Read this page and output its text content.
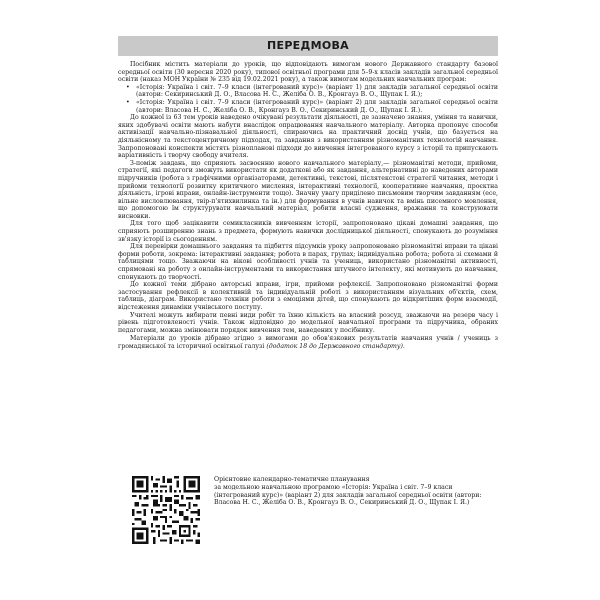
ПЕРЕДМОВА

Посібник містить матеріали до уроків, що відповідають вимогам нового Державного стандарту базової середньої освіти (30 вересня 2020 року), типової освітньої програми для 5–9-х класів закладів загальної середньої освіти (наказ МОН України № 235 від 19.02.2021 року), а також вимогам модельних навчальних програм:

• «Історія: Україна і світ. 7–9 класи (інтегрований курс)» (варіант 1) для закладів загальної середньої освіти (автори: Секиринський Д. О., Власова Н. С., Желіба О. В., Кронгауз В. О., Щупак І. Я.);
• «Історія: Україна і світ. 7–9 класи (інтегрований курс)» (варіант 2) для закладів загальної середньої освіти (автори: Власова Н. С., Желіба О. В., Кронгауз В. О., Секиринський Д. О., Щупак І. Я.).

До кожної із 63 тем уроків наведено очікувані результати діяльності, де зазначено знання, уміння та навички, яких здобувачі освіти мають набути внаслідок опрацювання навчального матеріалу. Авторка пропонує способи активізації навчально-пізнавальної діяльності, спираючись на практичний досвід учнів, що базується на діяльнісному та текстоцентричному підходах, та завдання з використанням різноманітних технологій навчання. Запропоновані конспекти містять різнопланові підходи до вивчення інтегрованого курсу з історії та припускають варіативність і творчу свободу вчителя.

З-поміж завдань, що сприяють засвоєнню нового навчального матеріалу,— різноманітні методи, прийоми, стратегії, які педагоги зможуть використати як додаткові або як завдання, альтернативні до наведених авторами підручників (робота з графічними організаторами, детективні, текстові, післятекстові стратегії читання, методи і прийоми технології розвитку критичного мислення, інтерактивні технології, кооперативне навчання, проєктна діяльність, ігрові вправи, онлайн-інструменти тощо). Значну увагу приділено письмовим творчим завданням (есе, вільне висловлювання, твір-п'ятихвилинка та ін.) для формування в учнів навичок та вмінь писемного мовлення, що допомогою їм структурувати навчальний матеріал, робити власні судження, вражання та конструювати висновки.

Для того щоб зацікавити семикласників вивченням історії, запропоновано цікаві домашні завдання, що сприяють розширенню знань з предмета, формують навички дослідницької діяльності, спонукають до розуміння зв'язку історії із сьогоденням.

Для перевірки домашнього завдання та підбиття підсумків уроку запропоновано різноманітні вправи та цікаві форми роботи, зокрема: інтерактивні завдання; робота в парах, групах; індивідуальна робота; робота зі схемами й таблицями тощо. Зважаючи на вікові особливості учнів та учениць, використано різноманітні активності, спрямовані на роботу з онлайн-інструментами та використання штучного інтелекту, які мотивують до навчання, спонукають до творчості.

До кожної теми дібрано авторські вправи, ігри, прийоми рефлексії. Запропоновано різноманітні форми застосування рефлексії в колективній та індивідуальній роботі з використанням візуальних об'єктів, схем, таблиць, діаграм. Використано техніки роботи з емоціями дітей, що спонукають до відкритіших форм взаємодії, відстеження динаміки учнівського поступу.

Учителі можуть вибирати певні види робіт та їхню кількість на власний розсуд, зважаючи на резерв часу і рівень підготовленості учнів. Також відповідно до модельної навчальної програми та підручника, обраних педагогами, можна змінювати порядок вивчення тем, наведених у посібнику.

Матеріали до уроків дібрано згідно з вимогами до обов'язкових результатів навчання учнів / учениць з громадянської та історичної освітньої галузі (додаток 18 до Державного стандарту).

Орієнтовне календарно-тематичне планування
за модельною навчальною програмою «Історія: Україна і світ. 7–9 класи (інтегрований курс)» (варіант 2) для закладів загальної середньої освіти (автори: Власова Н. С., Желіба О. В., Кронгауз В. О., Секиринський Д. О., Щупак І. Я.)
